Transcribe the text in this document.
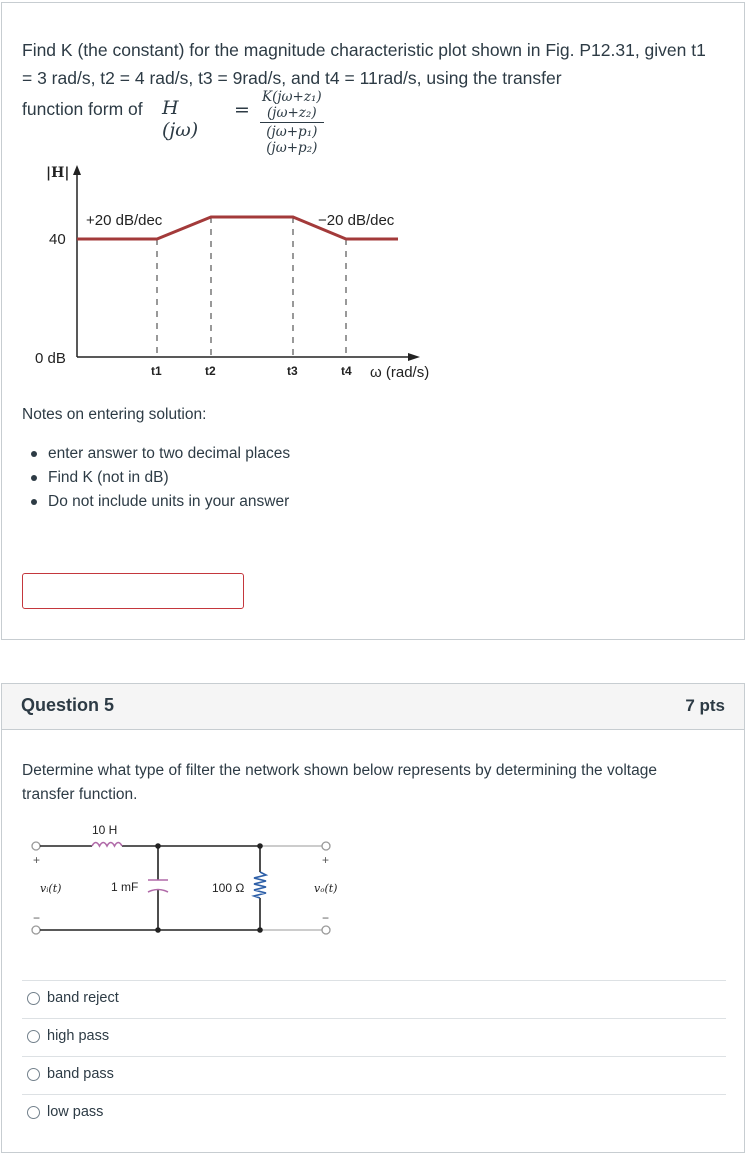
Find K (the constant) for the magnitude characteristic plot shown in Fig. P12.31, given t1 = 3 rad/s, t2 = 4 rad/s, t3 = 9rad/s, and t4 = 11rad/s, using the transfer
function form of H (jω)
= $\frac{\text{K(jω+z₁)(jω+z₂)}}{\text{(jω+p₁)(jω+p₂)}}$
|H|
40
0 dB
+20 dB/dec	−20 dB/dec
t1	t2	t3	t4 ω (rad/s)
Notes on entering solution:
enter answer to two decimal places
Find K (not in dB)
Do not include units in your answer
Question 5	7 pts
Determine what type of filter the network shown below represents by determining the voltage transfer function.
10 H
1 mF	100 Ω
vᵢ(t)	vₒ(t)
+
−
+
−
band reject
high pass
band pass
low pass
